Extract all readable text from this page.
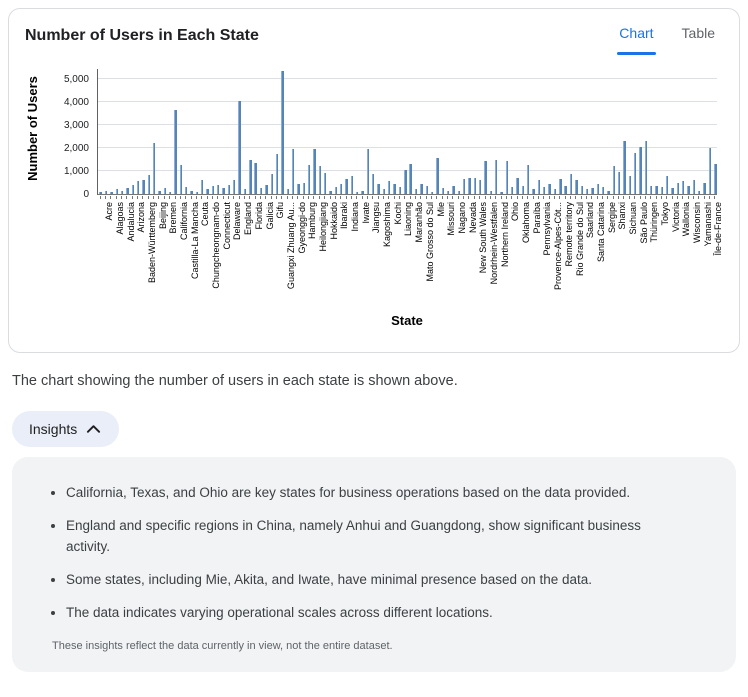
Number of Users in Each State	Chart Table
Number of Users
0
1,000
2,000
3,000
4,000
5,000
Acre Alagoas Andalucia Arizona Baden-Württemberg Beijing Bremen California Castilla-La Mancha Ceuta Chungcheongnam-do Connecticut Delaware England Florida Galicia Gifu Guangxi Zhuang Au... Gyeonggi-do Hamburg Heilongjiang Hokkaido Ibaraki Indiana Iwate Jiangsu Kagoshima Kochi Liaoning Maranhão Mato Grosso do Sul Mie Missouri Nagano Nevada New South Wales Nordrhein-Westfalen Northern Ireland Ohio Oklahoma Paraíba Pennsylvania Provence-Alpes-Côt... Remote territory Rio Grande do Sul Saarland Santa Catarina Sergipe Shanxi Sichuan São Paulo Thüringen Tokyo Victoria Wallonia Wisconsin Yamanashi Île-de-France
State

The chart showing the number of users in each state is shown above.

Insights
• California, Texas, and Ohio are key states for business operations based on the data provided.
• England and specific regions in China, namely Anhui and Guangdong, show significant business activity.
• Some states, including Mie, Akita, and Iwate, have minimal presence based on the data.
• The data indicates varying operational scales across different locations.
These insights reflect the data currently in view, not the entire dataset.
